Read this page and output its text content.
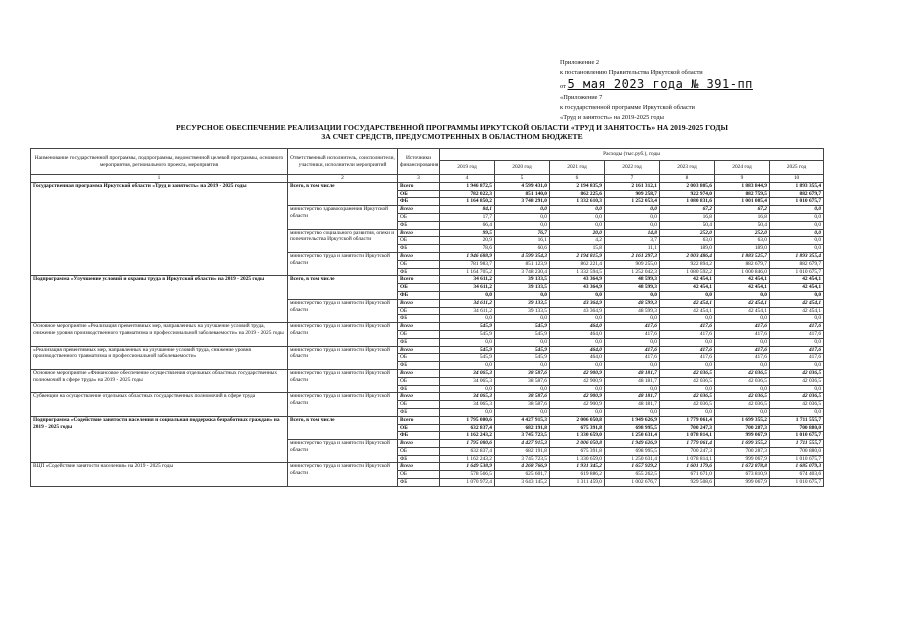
Приложение 2
к постановлению Правительства Иркутской области
от 5 мая 2023 года № 391-пп
«Приложение 7
к государственной программе Иркутской области
«Труд и занятость» на 2019-2025 годы
РЕСУРСНОЕ ОБЕСПЕЧЕНИЕ РЕАЛИЗАЦИИ ГОСУДАРСТВЕННОЙ ПРОГРАММЫ ИРКУТСКОЙ ОБЛАСТИ «ТРУД И ЗАНЯТОСТЬ» НА 2019-2025 ГОДЫ
ЗА СЧЕТ СРЕДСТВ, ПРЕДУСМОТРЕННЫХ В ОБЛАСТНОМ БЮДЖЕТЕ
Наименование государственной программы, подпрограммы, ведомственной целевой программы, основного мероприятия, регионального проекта, мероприятия	Ответственный исполнитель, соисполнители, участники, исполнители мероприятий	Источники финансирования	Расходы (тыс.руб.), годы						
			2019 год	2020 год	2021 год	2022 год	2023 год	2024 год	2025 год
1	2	3	4	5	6	7	8	9	10
Государственная программа Иркутской области «Труд и занятость» на 2019 - 2025 годы	Всего, в том числе	Всего	1 946 872,5	4 599 431,0	2 194 835,9	2 161 312,1	2 003 805,6	1 883 844,9	1 893 355,4
		ОБ	782 022,3	851 140,0	862 225,6	909 258,7	922 974,0	882 759,5	882 679,7
		ФБ	1 164 850,2	3 748 291,0	1 332 610,3	1 252 053,4	1 080 831,6	1 001 085,4	1 010 675,7
	министерство здравоохранения Иркутской области	Всего	84,1	0,0	0,0	0,0	67,2	67,2	0,0
		ОБ	17,7	0,0	0,0	0,0	16,8	16,8	0,0
		ФБ	66,4	0,0	0,0	0,0	50,4	50,4	0,0
	министерство социального развития, опеки и попечительства Иркутской области	Всего	99,5	76,7	20,0	14,8	252,0	252,0	0,0
		ОБ	20,9	16,1	4,2	3,7	63,0	63,0	0,0
		ФБ	78,6	60,6	15,8	11,1	189,0	189,0	0,0
	министерство труда и занятости Иркутской области	Всего	1 946 688,9	4 599 354,3	2 194 815,9	2 161 297,3	2 003 486,4	1 883 525,7	1 893 355,4
		ОБ	781 983,7	851 123,9	862 221,4	909 255,0	922 894,2	882 679,7	882 679,7
		ФБ	1 164 705,2	3 748 230,4	1 332 594,5	1 252 042,3	1 080 592,2	1 000 846,0	1 010 675,7
Подпрограмма «Улучшение условий и охраны труда в Иркутской области» на 2019 - 2025 годы	Всего, в том числе	Всего	34 611,2	39 133,5	43 364,9	48 599,3	42 454,1	42 454,1	42 454,1
		ОБ	34 611,2	39 133,5	43 364,9	48 599,3	42 454,1	42 454,1	42 454,1
		ФБ	0,0	0,0	0,0	0,0	0,0	0,0	0,0
	министерство труда и занятости Иркутской области	Всего	34 611,2	39 133,5	43 364,9	48 599,3	42 454,1	42 454,1	42 454,1
		ОБ	34 611,2	39 133,5	43 364,9	48 599,3	42 454,1	42 454,1	42 454,1
		ФБ	0,0	0,0	0,0	0,0	0,0	0,0	0,0
Основное мероприятие «Реализация превентивных мер, направленных на улучшение условий труда, снижение уровня производственного травматизма и профессиональной заболеваемости» на 2019 - 2025 годы	министерство труда и занятости Иркутской области	Всего	545,9	545,9	464,0	417,6	417,6	417,6	417,6
		ОБ	545,9	545,9	464,0	417,6	417,6	417,6	417,6
		ФБ	0,0	0,0	0,0	0,0	0,0	0,0	0,0
«Реализация превентивных мер, направленных на улучшение условий труда, снижение уровня производственного травматизма и профессиональной заболеваемости»	министерство труда и занятости Иркутской области	Всего	545,9	545,9	464,0	417,6	417,6	417,6	417,6
		ОБ	545,9	545,9	464,0	417,6	417,6	417,6	417,6
		ФБ	0,0	0,0	0,0	0,0	0,0	0,0	0,0
Основное мероприятие «Финансовое обеспечение осуществления отдельных областных государственных полномочий в сфере труда» на 2019 - 2025 годы	министерство труда и занятости Иркутской области	Всего	34 065,3	38 587,6	42 900,9	48 181,7	42 036,5	42 036,5	42 036,5
		ОБ	34 065,3	38 587,6	42 900,9	48 181,7	42 036,5	42 036,5	42 036,5
		ФБ	0,0	0,0	0,0	0,0	0,0	0,0	0,0
Субвенции на осуществление отдельных областных государственных полномочий в сфере труда	министерство труда и занятости Иркутской области	Всего	34 065,3	38 587,6	42 900,9	48 181,7	42 036,5	42 036,5	42 036,5
		ОБ	34 065,3	38 587,6	42 900,9	48 181,7	42 036,5	42 036,5	42 036,5
		ФБ	0,0	0,0	0,0	0,0	0,0	0,0	0,0
Подпрограмма «Содействие занятости населения и социальная поддержка безработных граждан» на 2019 - 2025 годы	Всего, в том числе	Всего	1 795 080,6	4 427 915,3	2 006 050,8	1 949 626,9	1 779 061,4	1 699 355,2	1 711 555,7
		ОБ	632 837,4	682 191,8	675 391,8	698 995,5	700 247,3	700 287,3	700 880,0
		ФБ	1 162 243,2	3 745 723,5	1 330 659,0	1 250 631,4	1 078 814,1	999 067,9	1 010 675,7
	министерство труда и занятости Иркутской области	Всего	1 795 080,6	4 427 915,3	2 006 050,8	1 949 626,9	1 779 061,4	1 699 355,2	1 711 555,7
		ОБ	632 837,4	682 191,8	675 391,8	698 995,5	700 247,3	700 287,3	700 880,0
		ФБ	1 162 243,2	3 745 723,5	1 330 659,0	1 250 631,4	1 078 814,1	999 067,9	1 010 675,7
ВЦП «Содействие занятости населения» на 2019 - 2025 годы	министерство труда и занятости Иркутской области	Всего	1 649 538,9	4 268 766,9	1 931 345,2	1 657 929,2	1 601 179,6	1 672 878,8	1 685 079,3
		ОБ	578 566,5	625 601,7	619 886,2	655 262,5	671 671,0	673 810,9	674 403,6
		ФБ	1 070 972,4	3 643 145,2	1 311 459,0	1 002 676,7	929 508,6	999 067,9	1 010 675,7
